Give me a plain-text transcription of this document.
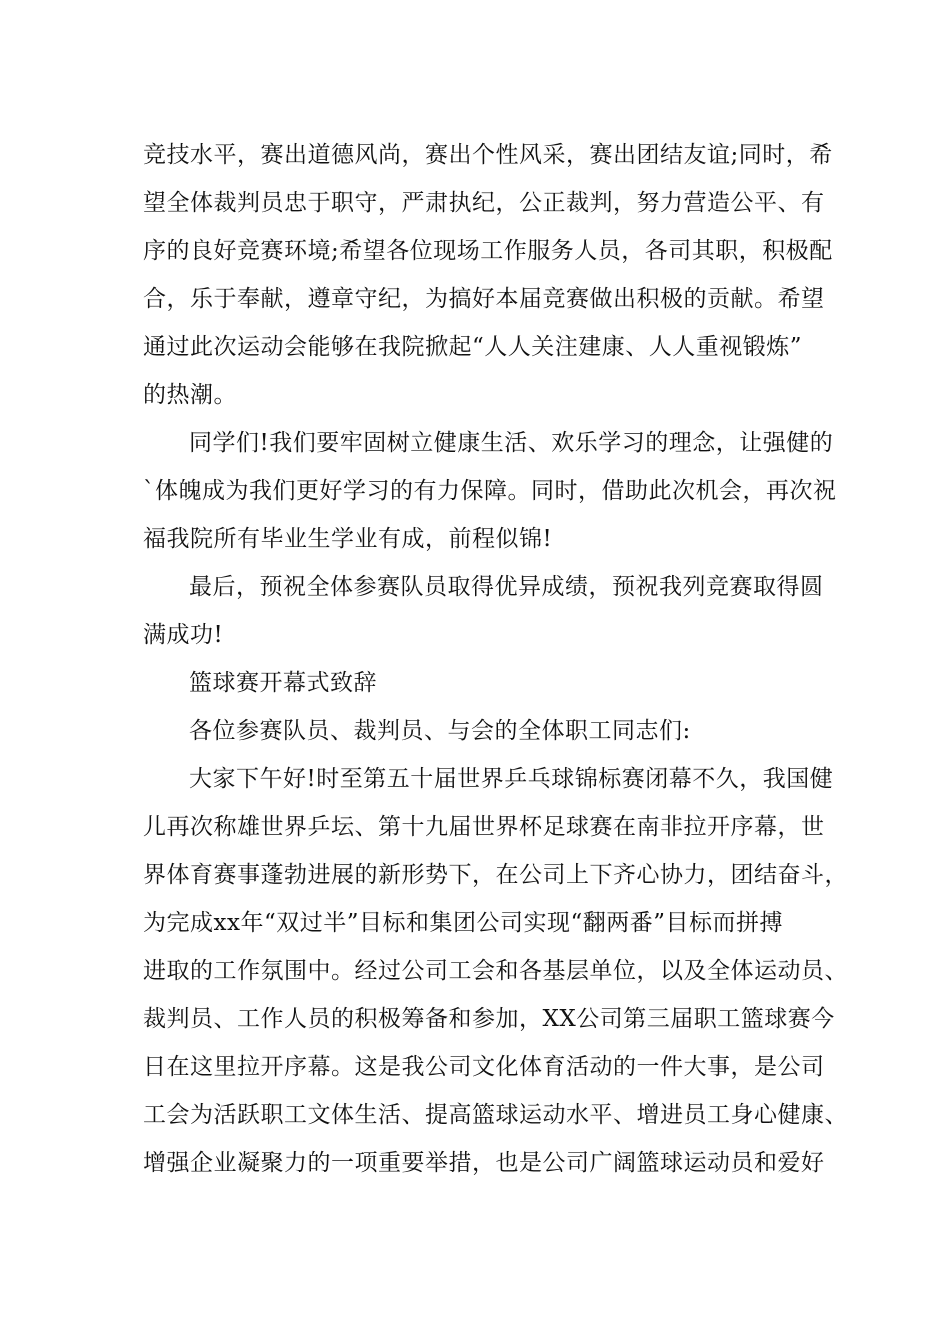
竞技水平，赛出道德风尚，赛出个性风采，赛出团结友谊;同时，希
望全体裁判员忠于职守，严肃执纪，公正裁判，努力营造公平、有
序的良好竞赛环境;希望各位现场工作服务人员，各司其职，积极配
合，乐于奉献，遵章守纪，为搞好本届竞赛做出积极的贡献。希望
通过此次运动会能够在我院掀起“人人关注建康、人人重视锻炼”
的热潮。
同学们!我们要牢固树立健康生活、欢乐学习的理念，让强健的
`体魄成为我们更好学习的有力保障。同时，借助此次机会，再次祝
福我院所有毕业生学业有成，前程似锦!
最后，预祝全体参赛队员取得优异成绩，预祝我列竞赛取得圆
满成功!
篮球赛开幕式致辞
各位参赛队员、裁判员、与会的全体职工同志们:
大家下午好!时至第五十届世界乒乓球锦标赛闭幕不久，我国健
儿再次称雄世界乒坛、第十九届世界杯足球赛在南非拉开序幕，世
界体育赛事蓬勃进展的新形势下，在公司上下齐心协力，团结奋斗，
为完成xx年“双过半”目标和集团公司实现“翻两番”目标而拼搏
进取的工作氛围中。经过公司工会和各基层单位，以及全体运动员、
裁判员、工作人员的积极筹备和参加，XX公司第三届职工篮球赛今
日在这里拉开序幕。这是我公司文化体育活动的一件大事，是公司
工会为活跃职工文体生活、提高篮球运动水平、增进员工身心健康、
增强企业凝聚力的一项重要举措，也是公司广阔篮球运动员和爱好
